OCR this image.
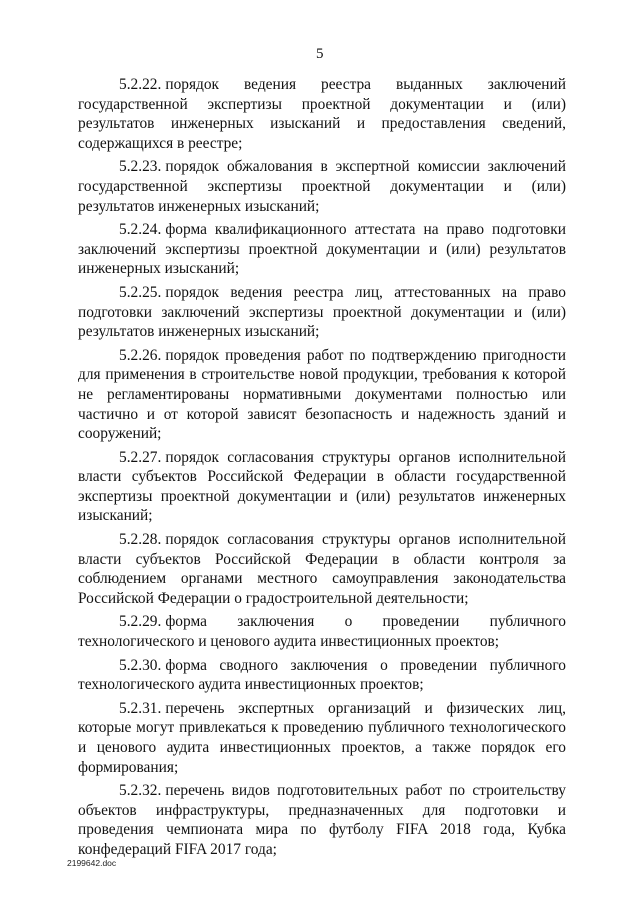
5

5.2.22. порядок ведения реестра выданных заключений государственной экспертизы проектной документации и (или) результатов инженерных изысканий и предоставления сведений, содержащихся в реестре;

5.2.23. порядок обжалования в экспертной комиссии заключений государственной экспертизы проектной документации и (или) результатов инженерных изысканий;

5.2.24. форма квалификационного аттестата на право подготовки заключений экспертизы проектной документации и (или) результатов инженерных изысканий;

5.2.25. порядок ведения реестра лиц, аттестованных на право подготовки заключений экспертизы проектной документации и (или) результатов инженерных изысканий;

5.2.26. порядок проведения работ по подтверждению пригодности для применения в строительстве новой продукции, требования к которой не регламентированы нормативными документами полностью или частично и от которой зависят безопасность и надежность зданий и сооружений;

5.2.27. порядок согласования структуры органов исполнительной власти субъектов Российской Федерации в области государственной экспертизы проектной документации и (или) результатов инженерных изысканий;

5.2.28. порядок согласования структуры органов исполнительной власти субъектов Российской Федерации в области контроля за соблюдением органами местного самоуправления законодательства Российской Федерации о градостроительной деятельности;

5.2.29. форма заключения о проведении публичного технологического и ценового аудита инвестиционных проектов;

5.2.30. форма сводного заключения о проведении публичного технологического аудита инвестиционных проектов;

5.2.31. перечень экспертных организаций и физических лиц, которые могут привлекаться к проведению публичного технологического и ценового аудита инвестиционных проектов, а также порядок его формирования;

5.2.32. перечень видов подготовительных работ по строительству объектов инфраструктуры, предназначенных для подготовки и проведения чемпионата мира по футболу FIFA 2018 года, Кубка конфедераций FIFA 2017 года;

2199642.doc
